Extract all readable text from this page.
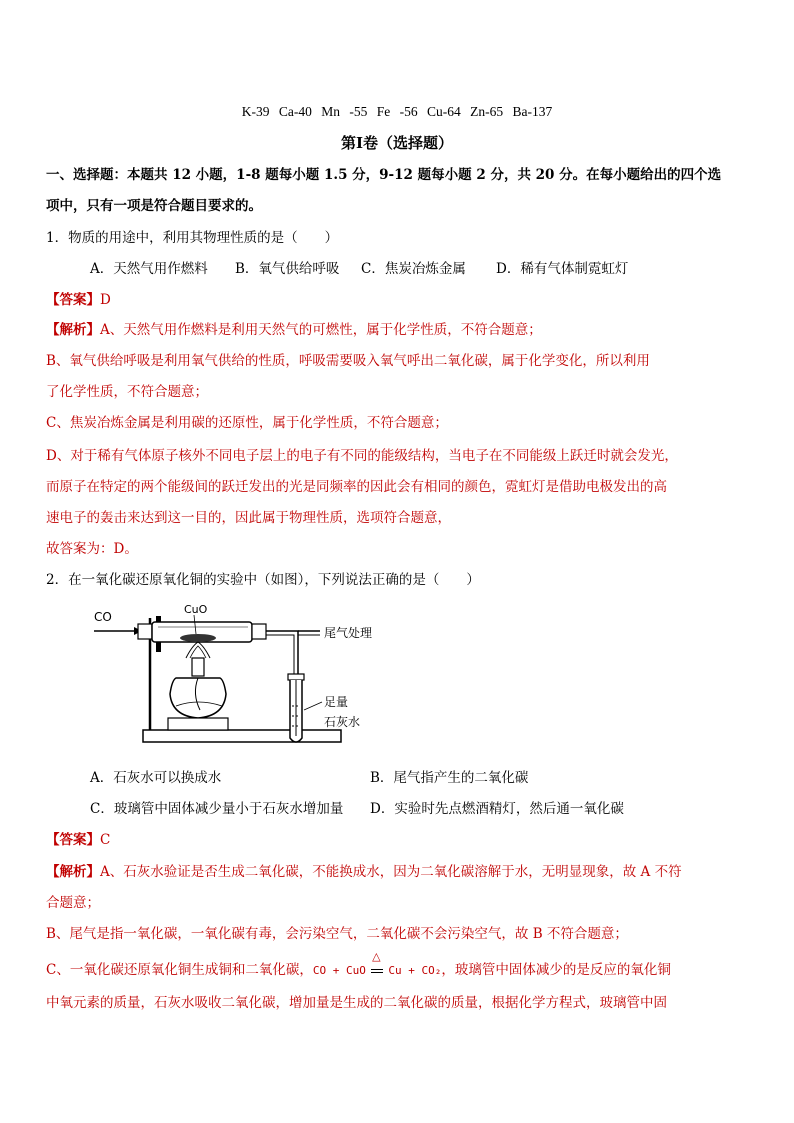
K-39 Ca-40 Mn -55 Fe -56 Cu-64 Zn-65 Ba-137
第Ⅰ卷（选择题）
一、选择题：本题共 12 小题，1-8 题每小题 1.5 分，9-12 题每小题 2 分，共 20 分。在每小题给出的四个选
项中，只有一项是符合题目要求的。
1．物质的用途中，利用其物理性质的是（　　）
A．天然气用作燃料 B．氧气供给呼吸 C．焦炭冶炼金属 D．稀有气体制霓虹灯
【答案】D
【解析】A、天然气用作燃料是利用天然气的可燃性，属于化学性质，不符合题意；
B、氧气供给呼吸是利用氧气供给的性质，呼吸需要吸入氧气呼出二氧化碳，属于化学变化，所以利用
了化学性质，不符合题意；
C、焦炭冶炼金属是利用碳的还原性，属于化学性质，不符合题意；
D、对于稀有气体原子核外不同电子层上的电子有不同的能级结构，当电子在不同能级上跃迁时就会发光，
而原子在特定的两个能级间的跃迁发出的光是同频率的因此会有相同的颜色，霓虹灯是借助电极发出的高
速电子的轰击来达到这一目的，因此属于物理性质，选项符合题意，
故答案为：D。
2．在一氧化碳还原氧化铜的实验中（如图），下列说法正确的是（　　）
CO
CuO
尾气处理
足量
石灰水
A．石灰水可以换成水	B．尾气指产生的二氧化碳
C．玻璃管中固体减少量小于石灰水增加量 D．实验时先点燃酒精灯，然后通一氧化碳
【答案】C
【解析】A、石灰水验证是否生成二氧化碳，不能换成水，因为二氧化碳溶解于水，无明显现象，故 A 不符
合题意；
B、尾气是指一氧化碳，一氧化碳有毒，会污染空气，二氧化碳不会污染空气，故 B 不符合题意；
C、一氧化碳还原氧化铜生成铜和二氧化碳，CO + CuO
△
Cu + CO₂，玻璃管中固体减少的是反应的氧化铜
中氧元素的质量，石灰水吸收二氧化碳，增加量是生成的二氧化碳的质量，根据化学方程式，玻璃管中固
